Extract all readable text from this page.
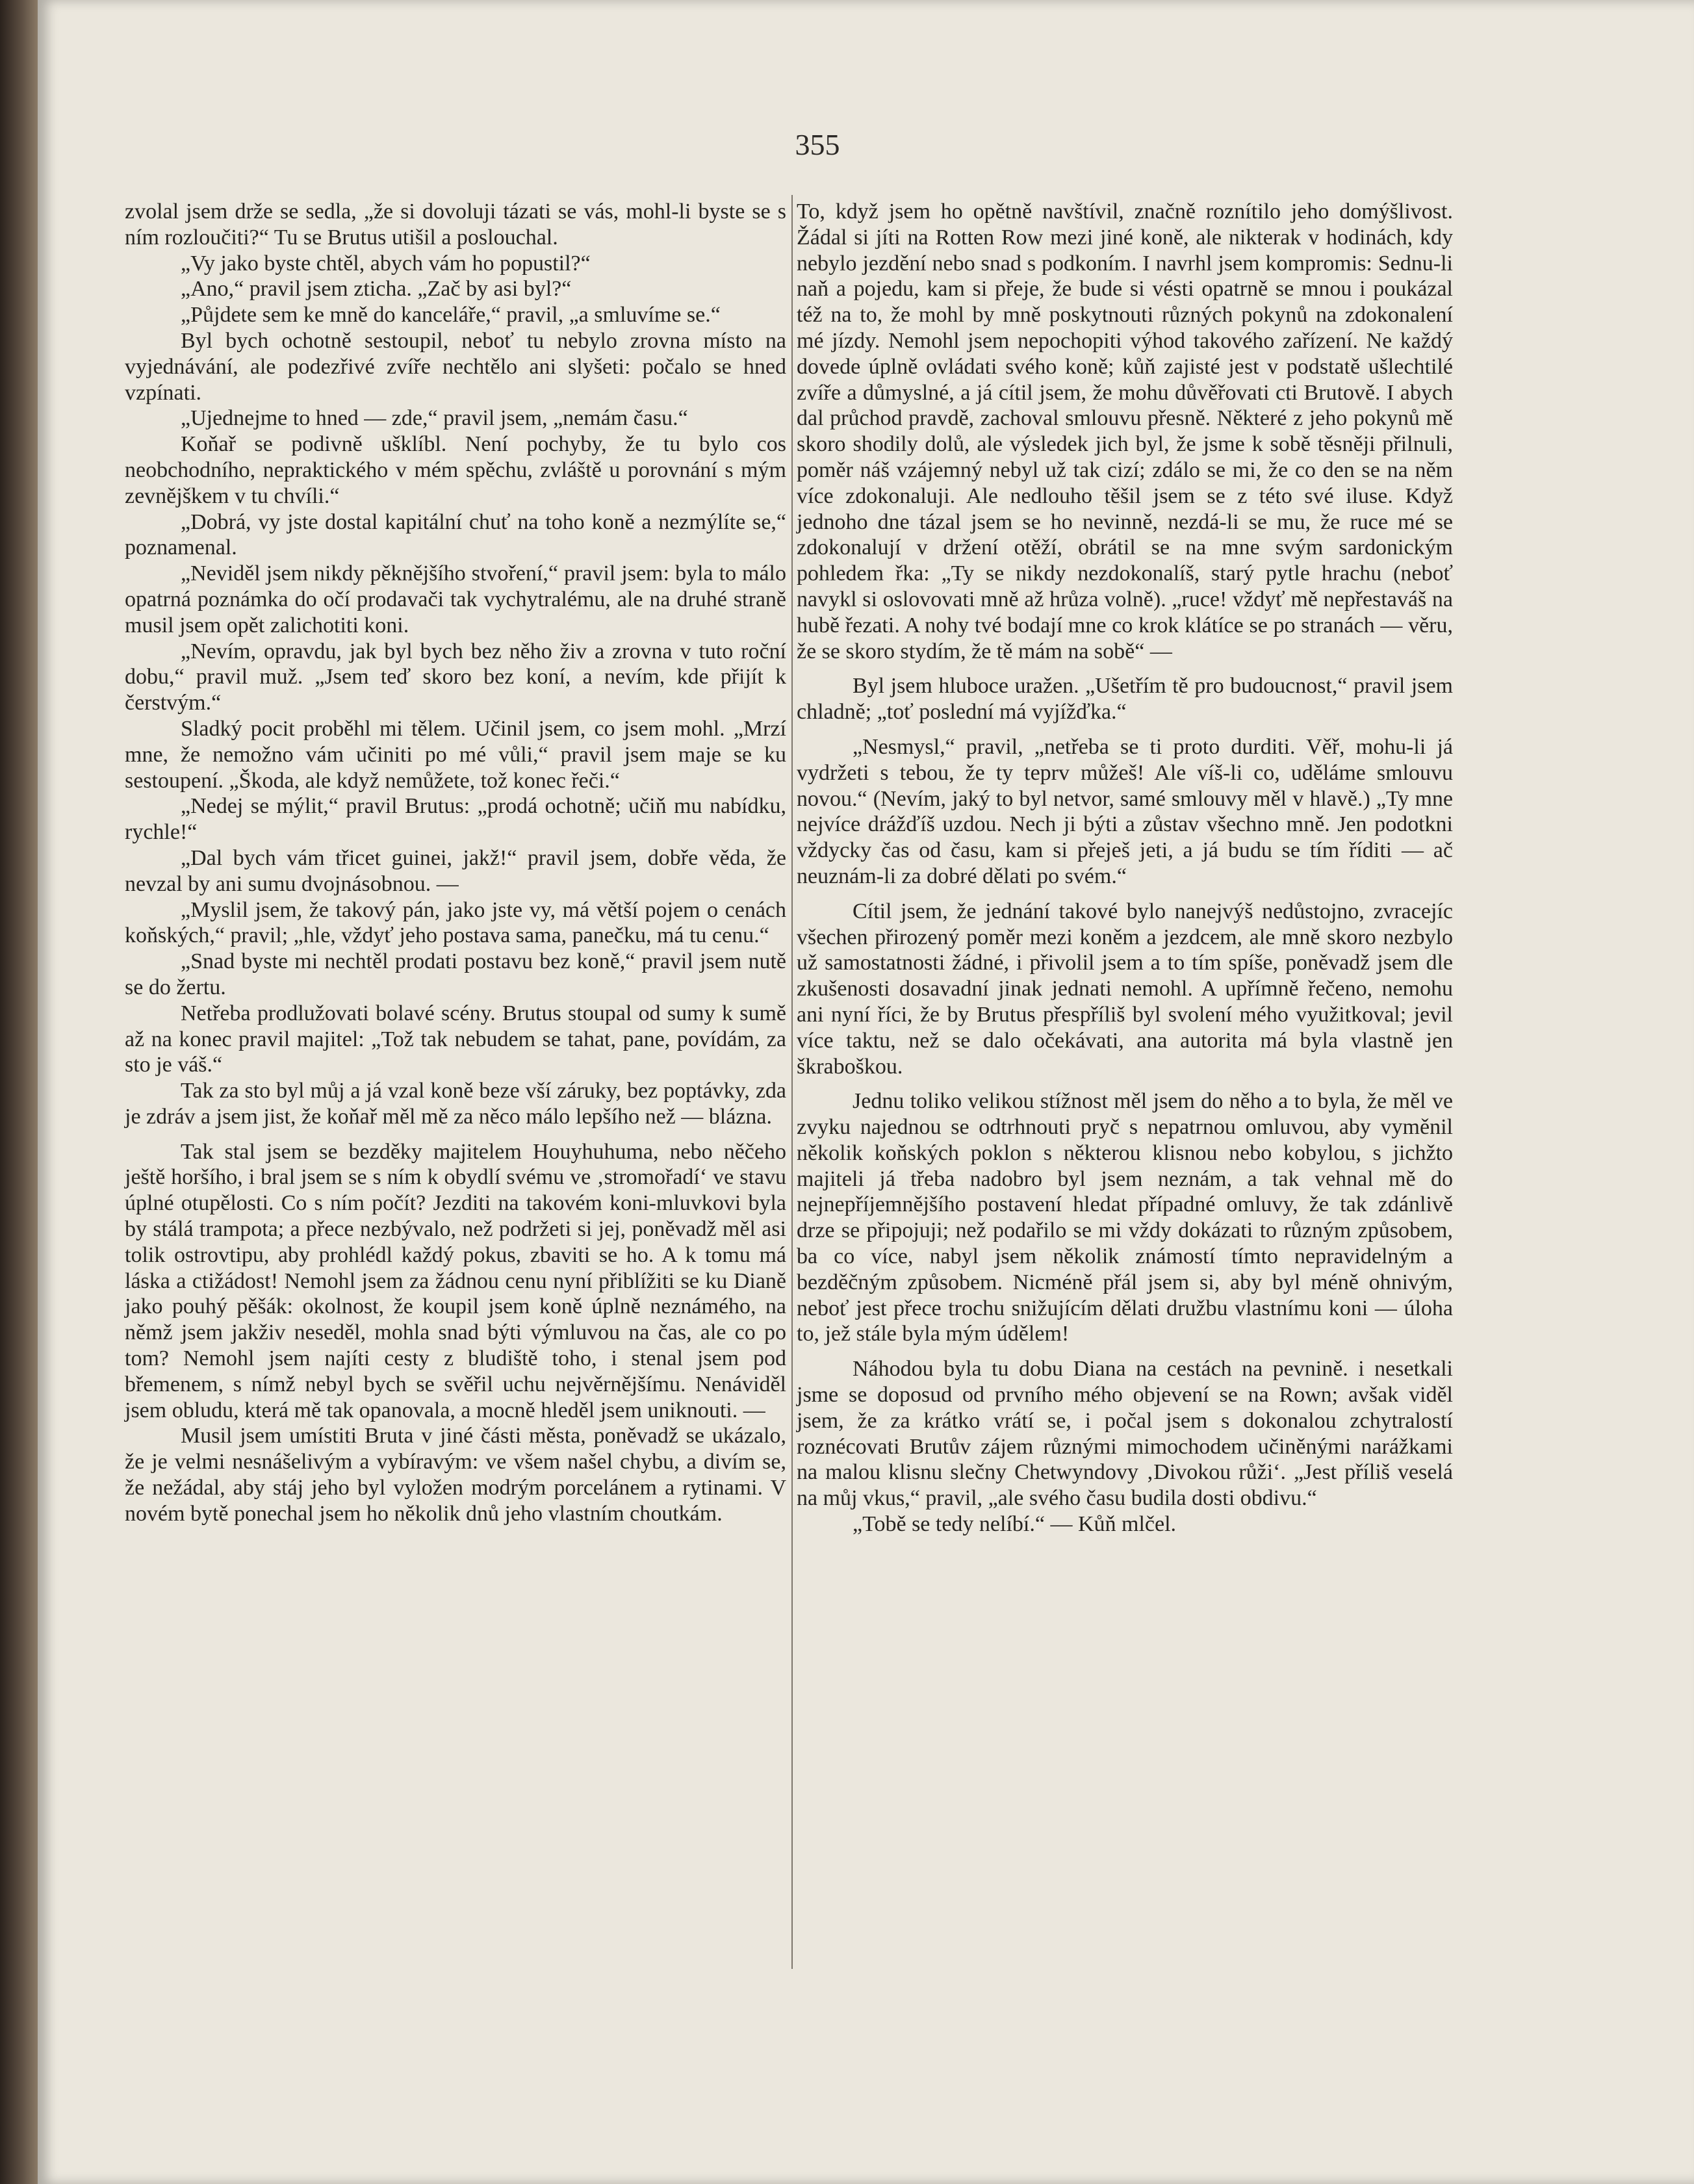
355

zvolal jsem drže se sedla, „že si dovoluji tázati se vás, mohl-li byste se s ním rozloučiti?“ Tu se Brutus utišil a poslouchal.

„Vy jako byste chtěl, abych vám ho popustil?“

„Ano,“ pravil jsem zticha. „Zač by asi byl?“

„Půjdete sem ke mně do kanceláře,“ pravil, „a smluvíme se.“

Byl bych ochotně sestoupil, neboť tu nebylo zrovna místo na vyjednávání, ale podezřivé zvíře nechtělo ani slyšeti: počalo se hned vzpínati.

„Ujednejme to hned — zde,“ pravil jsem, „nemám času.“

Koňař se podivně ušklíbl. Není pochyby, že tu bylo cos neobchodního, nepraktického v mém spěchu, zvláště u porovnání s mým zevnějškem v tu chvíli.“

„Dobrá, vy jste dostal kapitální chuť na toho koně a nezmýlíte se,“ poznamenal.

„Neviděl jsem nikdy pěknějšího stvoření,“ pravil jsem: byla to málo opatrná poznámka do očí prodavači tak vychytralému, ale na druhé straně musil jsem opět zalichotiti koni.

„Nevím, opravdu, jak byl bych bez něho živ a zrovna v tuto roční dobu,“ pravil muž. „Jsem teď skoro bez koní, a nevím, kde přijít k čerstvým.“

Sladký pocit proběhl mi tělem. Učinil jsem, co jsem mohl. „Mrzí mne, že nemožno vám učiniti po mé vůli,“ pravil jsem maje se ku sestoupení. „Škoda, ale když nemůžete, tož konec řeči.“

„Nedej se mýlit,“ pravil Brutus: „prodá ochotně; učiň mu nabídku, rychle!“

„Dal bych vám třicet guinei, jakž!“ pravil jsem, dobře věda, že nevzal by ani sumu dvojnásobnou. —

„Myslil jsem, že takový pán, jako jste vy, má větší pojem o cenách koňských,“ pravil; „hle, vždyť jeho postava sama, panečku, má tu cenu.“

„Snad byste mi nechtěl prodati postavu bez koně,“ pravil jsem nutě se do žertu.

Netřeba prodlužovati bolavé scény. Brutus stoupal od sumy k sumě až na konec pravil majitel: „Tož tak nebudem se tahat, pane, povídám, za sto je váš.“

Tak za sto byl můj a já vzal koně beze vší záruky, bez poptávky, zda je zdráv a jsem jist, že koňař měl mě za něco málo lepšího než — blázna.

Tak stal jsem se bezděky majitelem Houyhuhuma, nebo něčeho ještě horšího, i bral jsem se s ním k obydlí svému ve ‚stromořadí‘ ve stavu úplné otupělosti. Co s ním počít? Jezditi na takovém koni-mluvkovi byla by stálá trampota; a přece nezbývalo, než podržeti si jej, poněvadž měl asi tolik ostrovtipu, aby prohlédl každý pokus, zbaviti se ho. A k tomu má láska a ctižádost! Nemohl jsem za žádnou cenu nyní přiblížiti se ku Dianě jako pouhý pěšák: okolnost, že koupil jsem koně úplně neznámého, na němž jsem jakživ neseděl, mohla snad býti výmluvou na čas, ale co po tom? Nemohl jsem najíti cesty z bludiště toho, i stenal jsem pod břemenem, s nímž nebyl bych se svěřil uchu nejvěrnějšímu. Nenáviděl jsem obludu, která mě tak opanovala, a mocně hleděl jsem uniknouti. —

Musil jsem umístiti Bruta v jiné části města, poněvadž se ukázalo, že je velmi nesnášelivým a vybíravým: ve všem našel chybu, a divím se, že nežádal, aby stáj jeho byl vyložen modrým porcelánem a rytinami. V novém bytě ponechal jsem ho několik dnů jeho vlastním choutkám.

To, když jsem ho opětně navštívil, značně roznítilo jeho domýšlivost. Žádal si jíti na Rotten Row mezi jiné koně, ale nikterak v hodinách, kdy nebylo jezdění nebo snad s podkoním. I navrhl jsem kompromis: Sednu-li naň a pojedu, kam si přeje, že bude si vésti opatrně se mnou i poukázal též na to, že mohl by mně poskytnouti různých pokynů na zdokonalení mé jízdy. Nemohl jsem nepochopiti výhod takového zařízení. Ne každý dovede úplně ovládati svého koně; kůň zajisté jest v podstatě ušlechtilé zvíře a důmyslné, a já cítil jsem, že mohu důvěřovati cti Brutově. I abych dal průchod pravdě, zachoval smlouvu přesně. Některé z jeho pokynů mě skoro shodily dolů, ale výsledek jich byl, že jsme k sobě těsněji přilnuli, poměr náš vzájemný nebyl už tak cizí; zdálo se mi, že co den se na něm více zdokonaluji. Ale nedlouho těšil jsem se z této své iluse. Když jednoho dne tázal jsem se ho nevinně, nezdá-li se mu, že ruce mé se zdokonalují v držení otěží, obrátil se na mne svým sardonickým pohledem řka: „Ty se nikdy nezdokonalíš, starý pytle hrachu (neboť navykl si oslovovati mně až hrůza volně). „ruce! vždyť mě nepřestaváš na hubě řezati. A nohy tvé bodají mne co krok klátíce se po stranách — věru, že se skoro stydím, že tě mám na sobě“ —

Byl jsem hluboce uražen. „Ušetřím tě pro budoucnost,“ pravil jsem chladně; „toť poslední má vyjížďka.“

„Nesmysl,“ pravil, „netřeba se ti proto durditi. Věř, mohu-li já vydržeti s tebou, že ty teprv můžeš! Ale víš-li co, uděláme smlouvu novou.“ (Nevím, jaký to byl netvor, samé smlouvy měl v hlavě.) „Ty mne nejvíce drážďíš uzdou. Nech ji býti a zůstav všechno mně. Jen podotkni vždycky čas od času, kam si přeješ jeti, a já budu se tím říditi — ač neuznám-li za dobré dělati po svém.“

Cítil jsem, že jednání takové bylo nanejvýš nedůstojno, zvracejíc všechen přirozený poměr mezi koněm a jezdcem, ale mně skoro nezbylo už samostatnosti žádné, i přivolil jsem a to tím spíše, poněvadž jsem dle zkušenosti dosavadní jinak jednati nemohl. A upřímně řečeno, nemohu ani nyní říci, že by Brutus přespříliš byl svolení mého využitkoval; jevil více taktu, než se dalo očekávati, ana autorita má byla vlastně jen škraboškou.

Jednu toliko velikou stížnost měl jsem do něho a to byla, že měl ve zvyku najednou se odtrhnouti pryč s nepatrnou omluvou, aby vyměnil několik koňských poklon s některou klisnou nebo kobylou, s jichžto majiteli já třeba nadobro byl jsem neznám, a tak vehnal mě do nejnepříjemnějšího postavení hledat případné omluvy, že tak zdánlivě drze se připojuji; než podařilo se mi vždy dokázati to různým způsobem, ba co více, nabyl jsem několik známostí tímto nepravidelným a bezděčným způsobem. Nicméně přál jsem si, aby byl méně ohnivým, neboť jest přece trochu snižujícím dělati družbu vlastnímu koni — úloha to, jež stále byla mým údělem!

Náhodou byla tu dobu Diana na cestách na pevnině. i nesetkali jsme se doposud od prvního mého objevení se na Rown; avšak viděl jsem, že za krátko vrátí se, i počal jsem s dokonalou zchytralostí roznécovati Brutův zájem různými mimochodem učiněnými narážkami na malou klisnu slečny Chetwyndovy ‚Divokou růži‘. „Jest příliš veselá na můj vkus,“ pravil, „ale svého času budila dosti obdivu.“

„Tobě se tedy nelíbí.“ — Kůň mlčel.
